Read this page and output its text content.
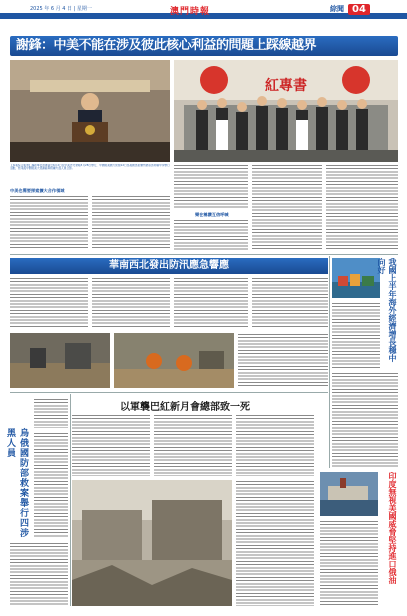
2025 年 6 月 4 日 | 星期一	澳門時報	綜聞 04
謝鋒：中美不能在涉及彼此核心利益的問題上踩線越界
紅專書
【本報綜合報道】據新華社香港消息6月2日在中美外交會晤5月28日舉行，中國駐美國大使館12日為美國馬里蘭州蒙哥馬利縣中學舉行活動，結束後中國駐美大使謝鋒與相關方面人員合影。
中美也需要探索擴大合作領域
樂在稱讚互信呼喊
華南西北發出防汛應急響應
以軍襲巴紅新月會總部致一死
烏俄國防部救案舉行四涉黑人員
我國上半年海外經濟增長穩中向好
印度無視美國威脅堅持進口俄油
